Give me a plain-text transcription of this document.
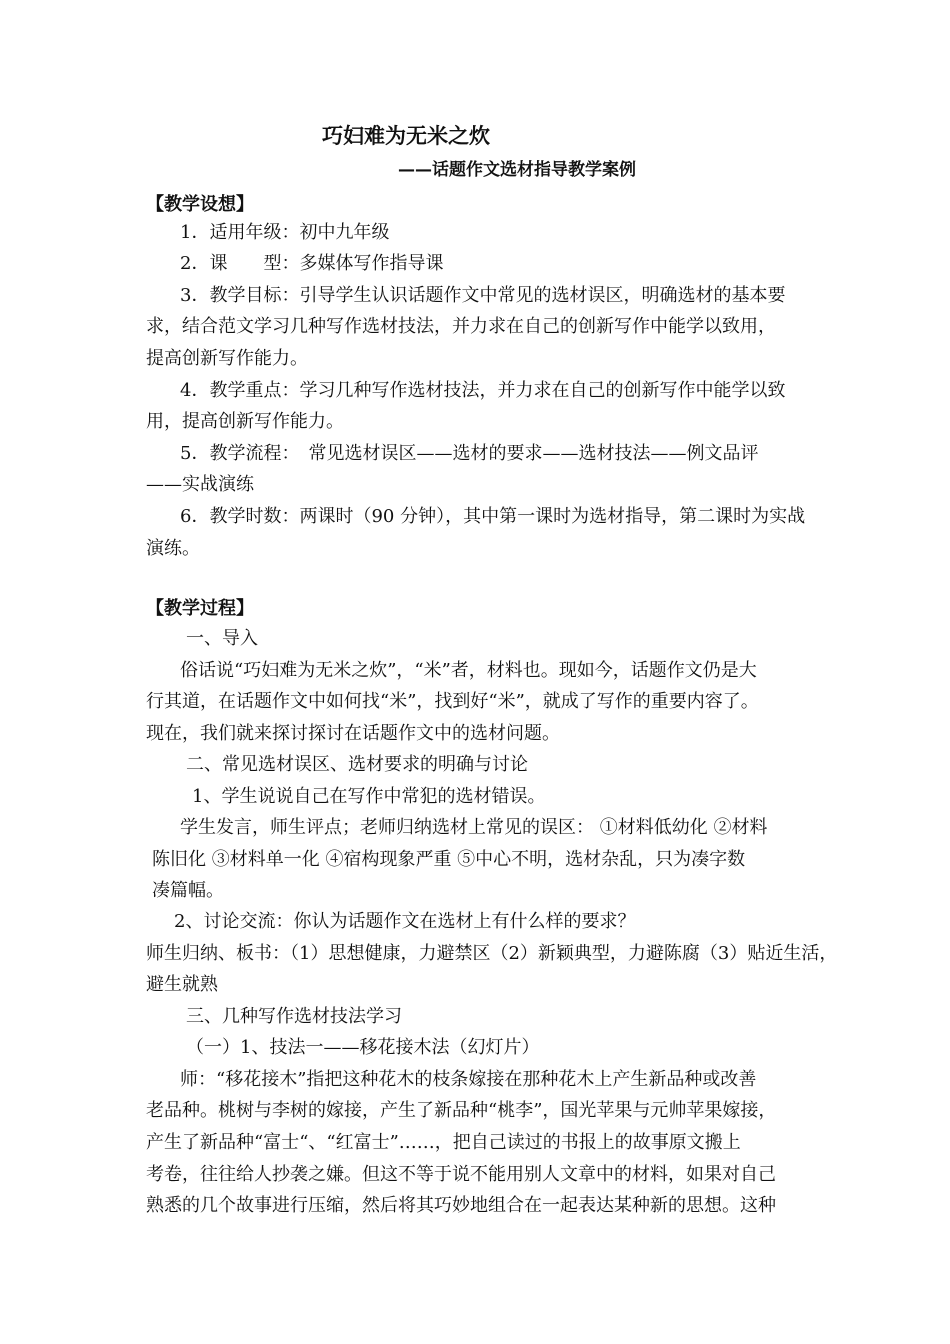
巧妇难为无米之炊
——话题作文选材指导教学案例
【教学设想】
1．适用年级：初中九年级
2．课　　型：多媒体写作指导课
3．教学目标：引导学生认识话题作文中常见的选材误区，明确选材的基本要
求，结合范文学习几种写作选材技法，并力求在自己的创新写作中能学以致用，
提高创新写作能力。
4．教学重点：学习几种写作选材技法，并力求在自己的创新写作中能学以致
用，提高创新写作能力。
5．教学流程：　常见选材误区——选材的要求——选材技法——例文品评
——实战演练
6．教学时数：两课时（90 分钟），其中第一课时为选材指导，第二课时为实战
演练。
【教学过程】
一、导入
俗话说“巧妇难为无米之炊”，“米”者，材料也。现如今，话题作文仍是大
行其道，在话题作文中如何找“米”，找到好“米”，就成了写作的重要内容了。
现在，我们就来探讨探讨在话题作文中的选材问题。
二、常见选材误区、选材要求的明确与讨论
1、学生说说自己在写作中常犯的选材错误。
学生发言，师生评点；老师归纳选材上常见的误区： ①材料低幼化 ②材料
陈旧化 ③材料单一化 ④宿构现象严重 ⑤中心不明，选材杂乱，只为凑字数
凑篇幅。
2、讨论交流：你认为话题作文在选材上有什么样的要求？
师生归纳、板书：（1）思想健康，力避禁区（2）新颖典型，力避陈腐（3）贴近生活，
避生就熟
三、几种写作选材技法学习
（一）1、技法一——移花接木法（幻灯片）
师：“移花接木”指把这种花木的枝条嫁接在那种花木上产生新品种或改善
老品种。桃树与李树的嫁接，产生了新品种“桃李”，国光苹果与元帅苹果嫁接，
产生了新品种“富士“、“红富士”……，把自己读过的书报上的故事原文搬上
考卷，往往给人抄袭之嫌。但这不等于说不能用别人文章中的材料，如果对自己
熟悉的几个故事进行压缩，然后将其巧妙地组合在一起表达某种新的思想。这种
